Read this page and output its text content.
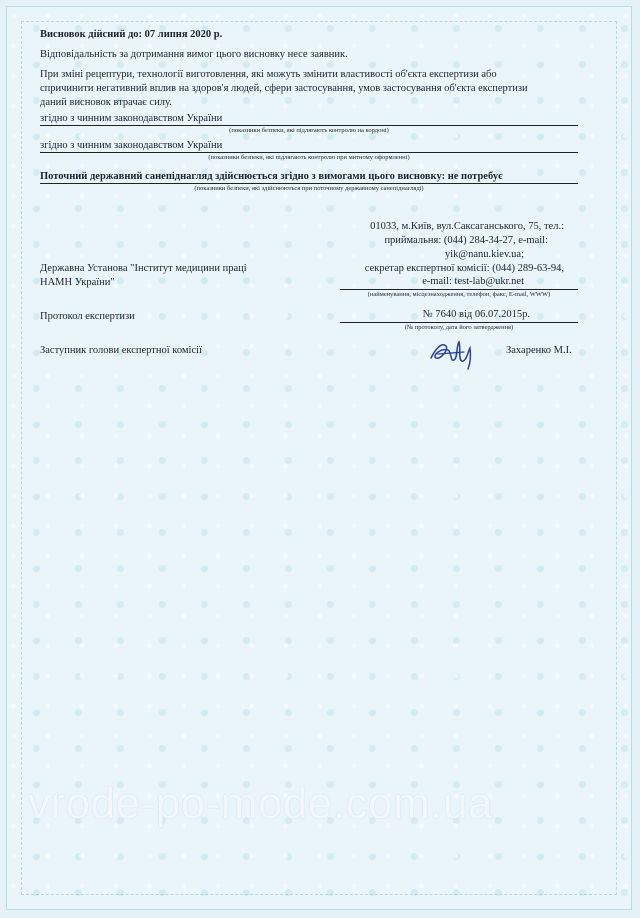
Висновок дійсний до: 07 липня 2020 р.
Відповідальність за дотримання вимог цього висновку несе заявник.
При зміні рецептури, технології виготовлення, які можуть змінити властивості об'єкта експертизи або
спричинити негативний вплив на здоров'я людей, сфери застосування, умов застосування об'єкта експертизи
даний висновок втрачає силу.
згідно з чинним законодавством України
(показники безпеки, які підлягають контролю на кордоні)
згідно з чинним законодавством України
(показники безпеки, які підлягають контролю при митному оформленні)
Поточний державний санепіднагляд здійснюється згідно з вимогами цього висновку: не потребує
(показники безпеки, які здійснюються при поточному державному санепіднагляді)
01033, м.Київ, вул.Саксаганського, 75, тел.:
приймальня: (044) 284-34-27, e-mail:
yik@nanu.kiev.ua;
секретар експертної комісії: (044) 289-63-94,
e-mail: test-lab@ukr.net
(найменування, місцезнаходження, телефон, факс, E-mail, WWW)
Державна Установа "Інститут медицини праці
НАМН України"
Протокол експертизи	№ 7640 від 06.07.2015р.
(№ протоколу, дата його затвердження)
Заступник голови експертної комісії	Захаренко М.І.
vrode-po-mode.com.ua
